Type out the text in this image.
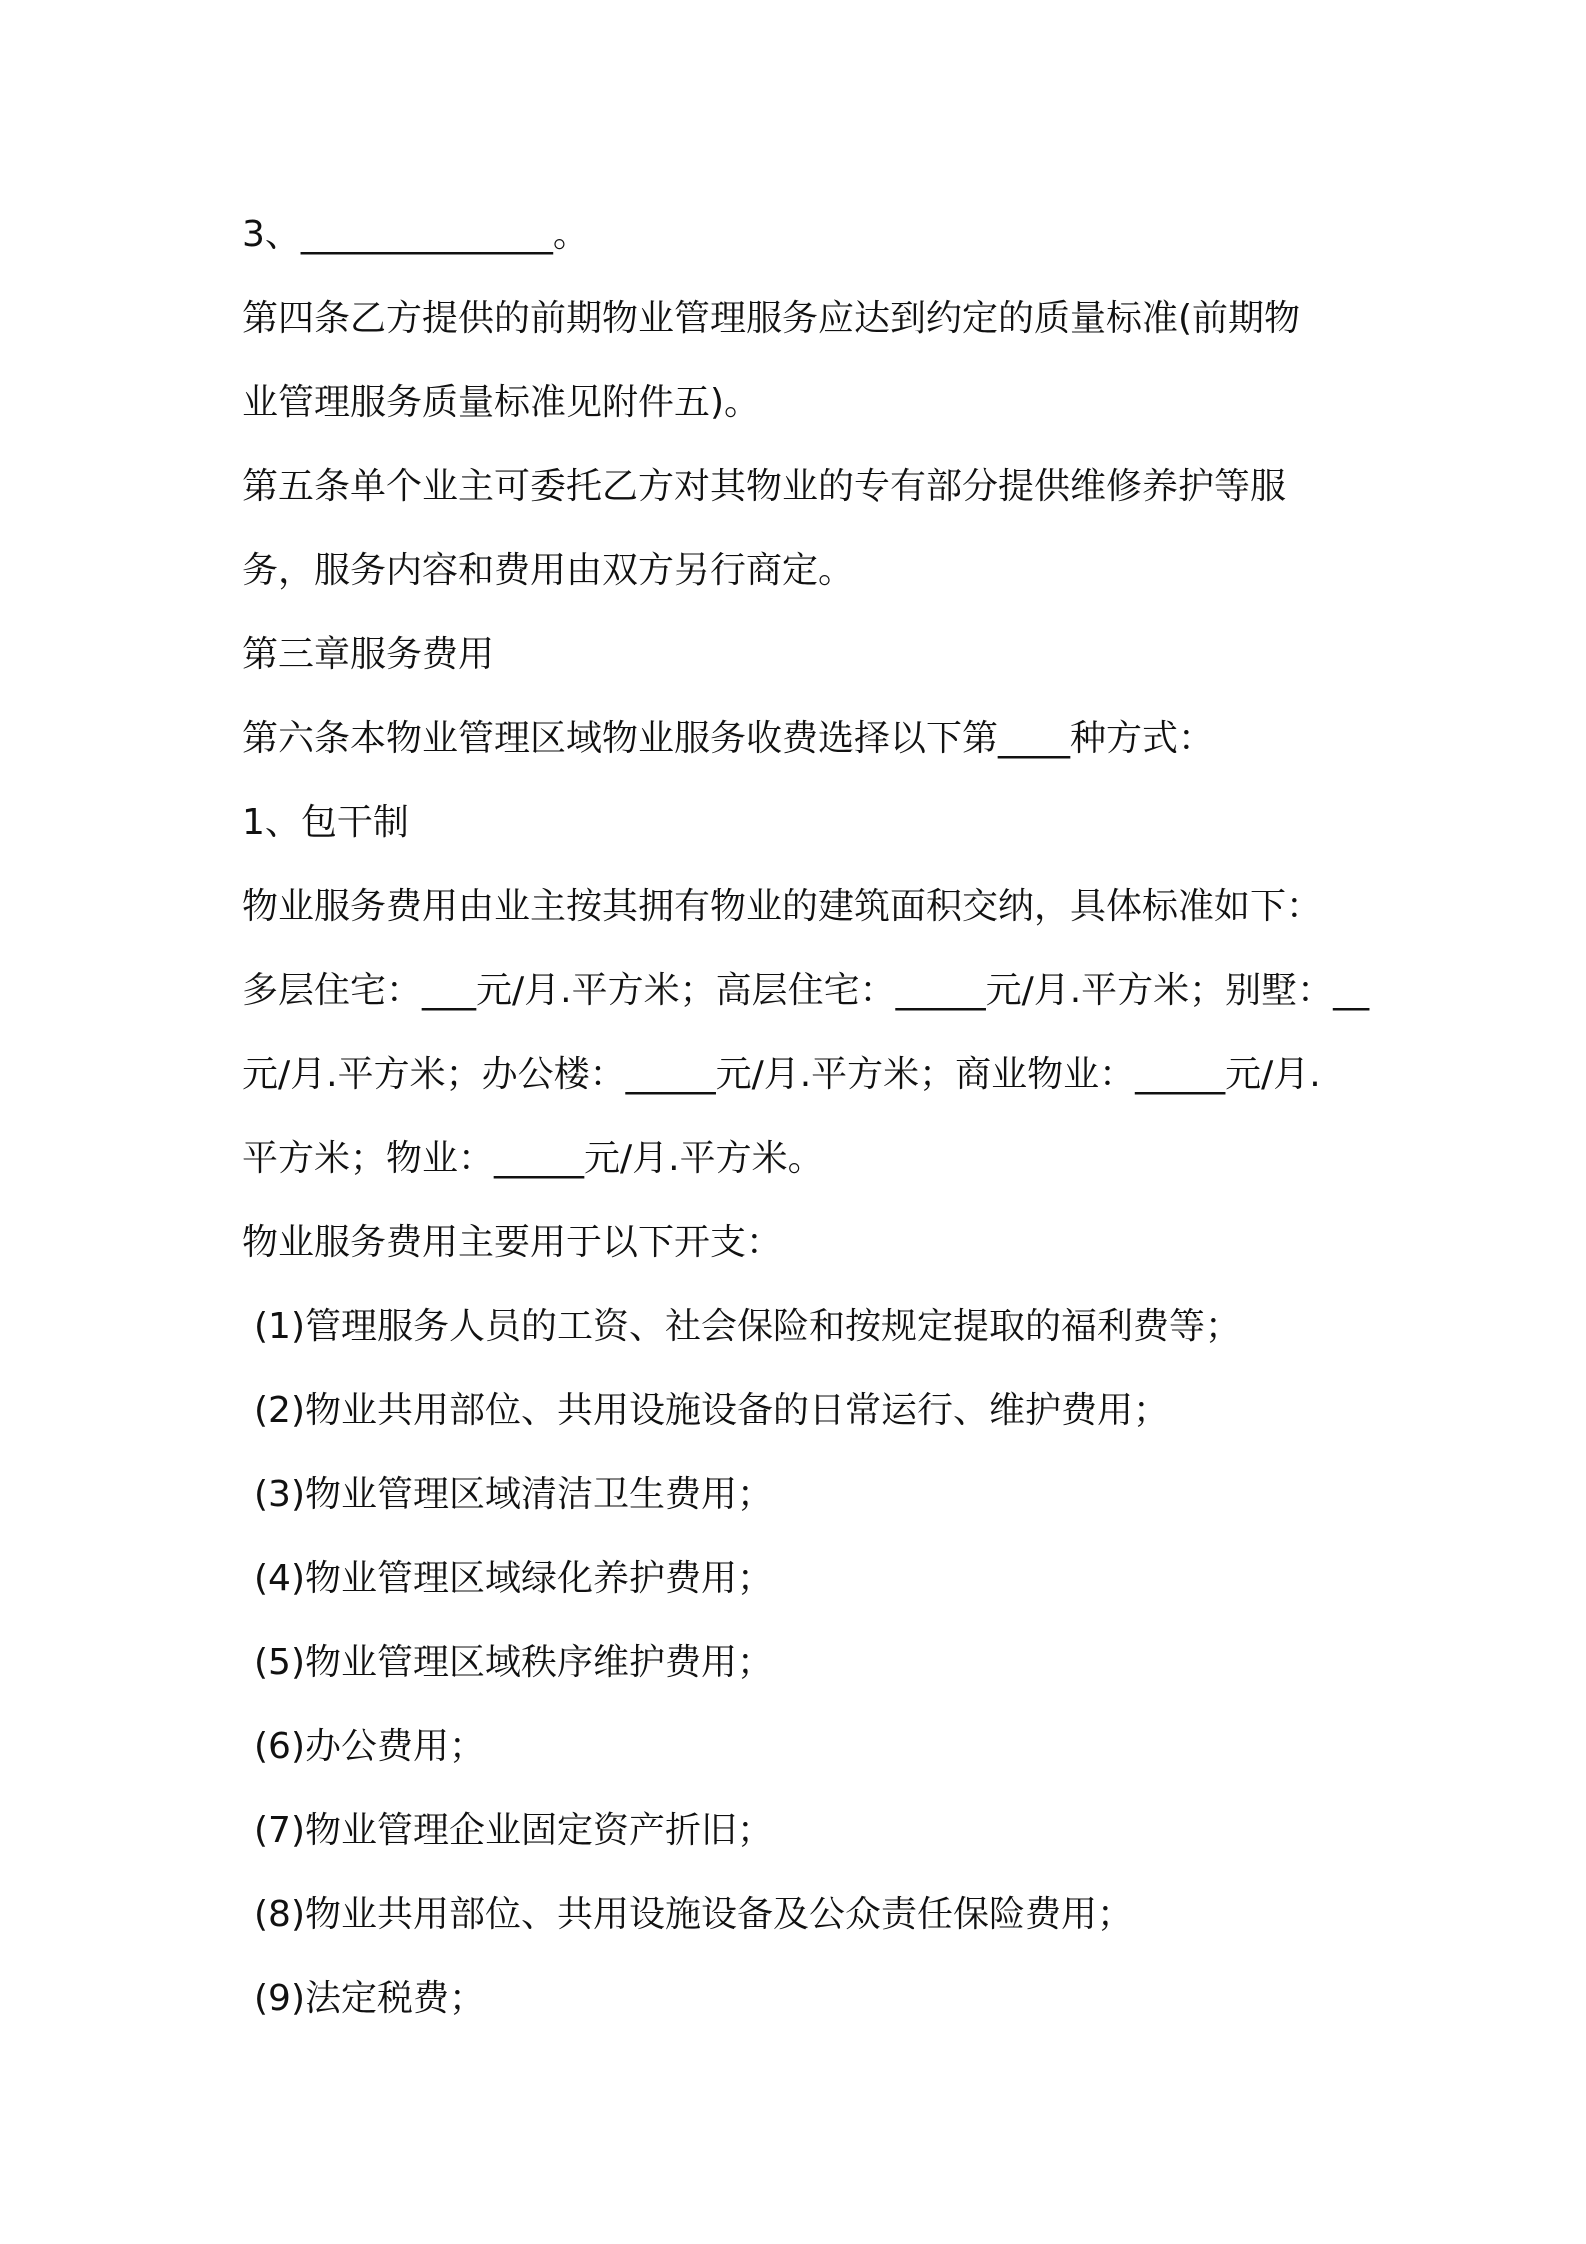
3、______________。
第四条乙方提供的前期物业管理服务应达到约定的质量标准(前期物
业管理服务质量标准见附件五)。
第五条单个业主可委托乙方对其物业的专有部分提供维修养护等服
务，服务内容和费用由双方另行商定。
第三章服务费用
第六条本物业管理区域物业服务收费选择以下第____种方式：
1、包干制
物业服务费用由业主按其拥有物业的建筑面积交纳，具体标准如下：
多层住宅：___元/月.平方米；高层住宅：_____元/月.平方米；别墅：__
元/月.平方米；办公楼：_____元/月.平方米；商业物业：_____元/月.
平方米；物业：_____元/月.平方米。
物业服务费用主要用于以下开支：
(1)管理服务人员的工资、社会保险和按规定提取的福利费等；
(2)物业共用部位、共用设施设备的日常运行、维护费用；
(3)物业管理区域清洁卫生费用；
(4)物业管理区域绿化养护费用；
(5)物业管理区域秩序维护费用；
(6)办公费用；
(7)物业管理企业固定资产折旧；
(8)物业共用部位、共用设施设备及公众责任保险费用；
(9)法定税费；
